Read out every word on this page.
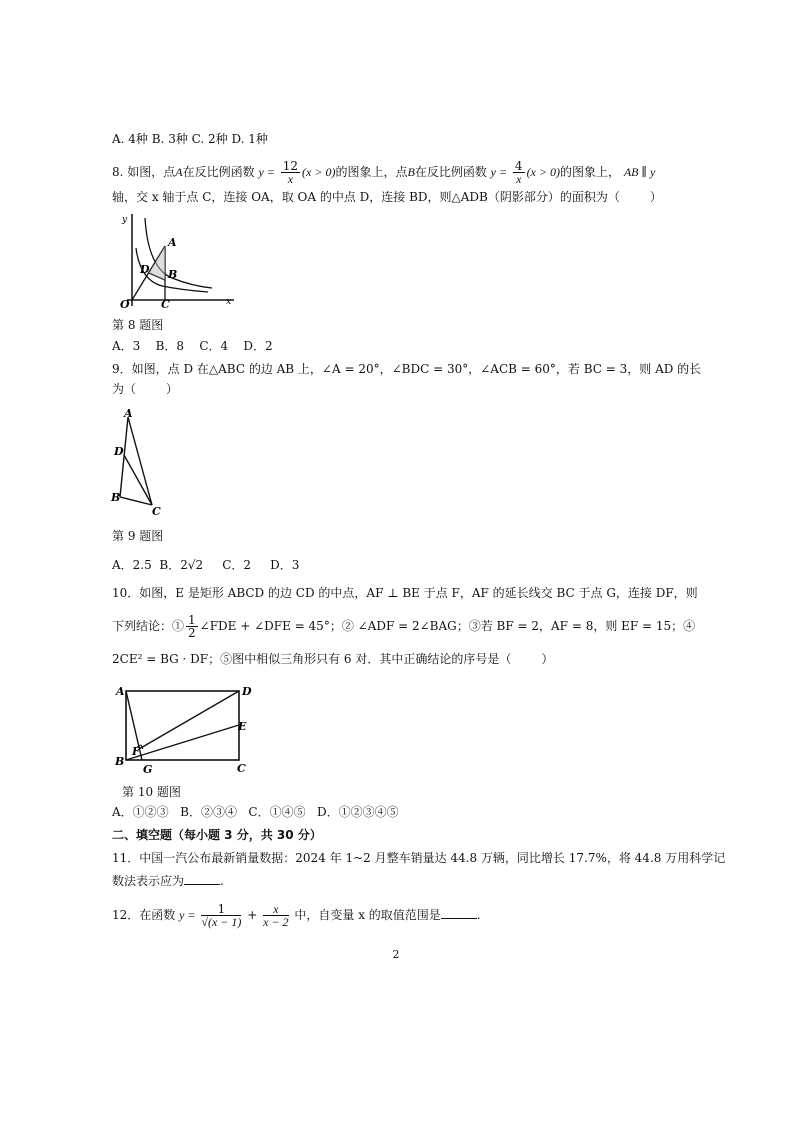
A. 4种 B. 3种 C. 2种 D. 1种
8. 如图，点A在反比例函数 $y = \frac{12}{x} (x > 0)$的图象上，点B在反比例函数 $y = \frac{4}{x} (x > 0)$的图象上， AB ∥ y
轴，交 x 轴于点 C，连接 OA，取 OA 的中点 D，连接 BD，则△ADB（阴影部分）的面积为（	）
A
B
C
D
O	x
y
第 8 题图
A．3 B．8 C．4 D．2
9．如图，点 D 在△ABC 的边 AB 上，∠A = 20°，∠BDC = 30°，∠ACB = 60°，若 BC = 3，则 AD 的长
为（	）
A
B
C
D
第 9 题图
A．2.5 B．2√2 C．2 D．3
10．如图，E 是矩形 ABCD 的边 CD 的中点，AF ⊥ BE 于点 F，AF 的延长线交 BC 于点 G，连接 DF，则
下列结论：① $\frac{1}{2}$ ∠FDE + ∠DFE = 45°；② ∠ADF = 2∠BAG；③若 BF = 2，AF = 8，则 EF = 15；④
2CE² = BG · DF；⑤图中相似三角形只有 6 对．其中正确结论的序号是（	）
A	D
B
C
E
F
G
第 10 题图
A．①②③ B．②③④ C．①④⑤ D．①②③④⑤
二、填空题（每小题 3 分，共 30 分）
11．中国一汽公布最新销量数据：2024 年 1~2 月整车销量达 44.8 万辆，同比增长 17.7%，将 44.8 万用科学记
数法表示应为	.
12．在函数 $y = \frac{1}{√(x - 1)} + \frac{x}{x - 2}$ 中，自变量 x 的取值范围是	.
2
